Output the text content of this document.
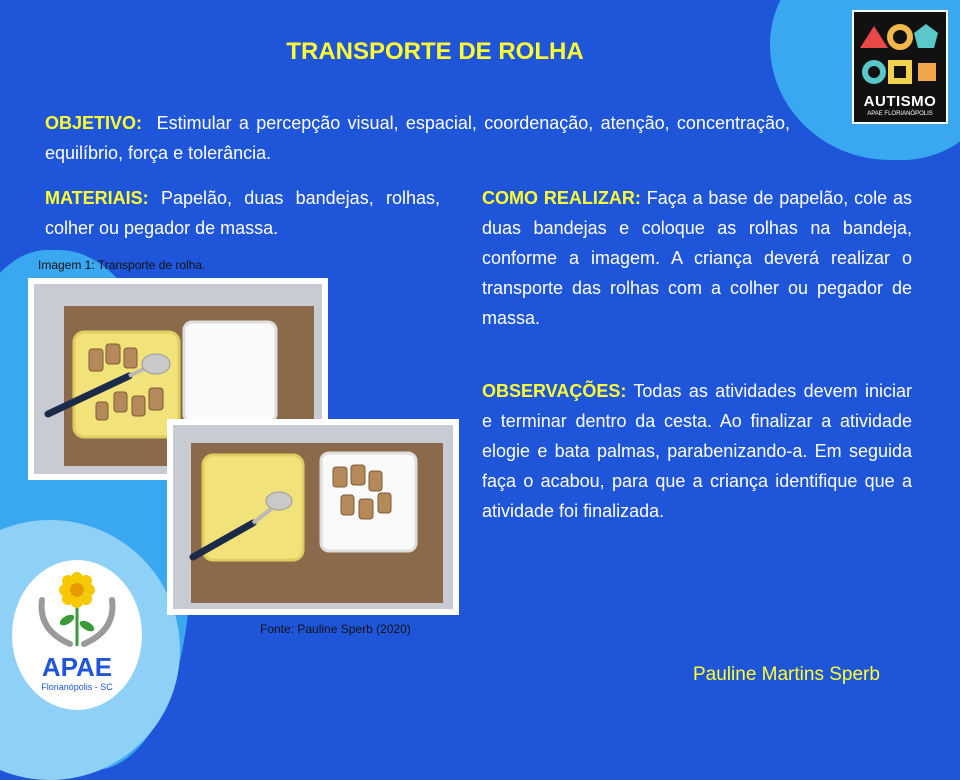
TRANSPORTE DE ROLHA
OBJETIVO: Estimular a percepção visual, espacial, coordenação, atenção, concentração, equilíbrio, força e tolerância.
MATERIAIS: Papelão, duas bandejas, rolhas, colher ou pegador de massa.
COMO REALIZAR: Faça a base de papelão, cole as duas bandejas e coloque as rolhas na bandeja, conforme a imagem. A criança deverá realizar o transporte das rolhas com a colher ou pegador de massa.
OBSERVAÇÕES: Todas as atividades devem iniciar e terminar dentro da cesta. Ao finalizar a atividade elogie e bata palmas, parabenizando-a. Em seguida faça o acabou, para que a criança identifique que a atividade foi finalizada.
Imagem 1: Transporte de rolha.
Fonte: Pauline Sperb (2020)
Pauline Martins Sperb
AUTISMO
APAE FLORIANÓPOLIS
APAE
Florianópolis - SC
